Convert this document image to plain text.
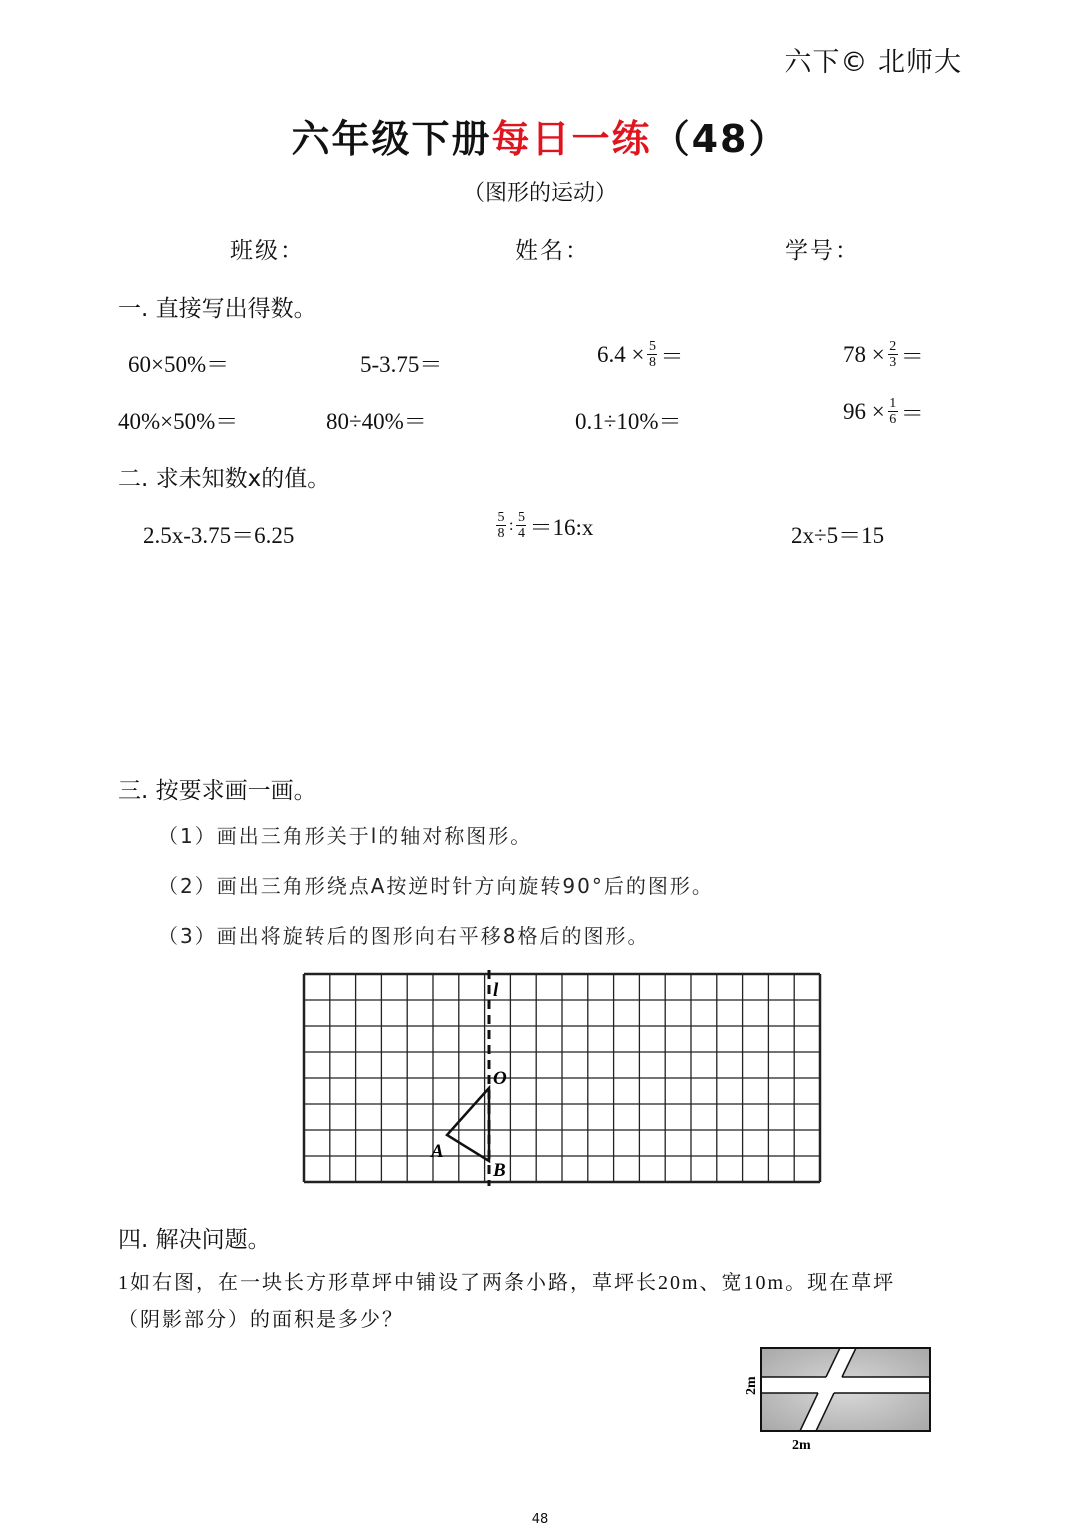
六下© 北师大
六年级下册每日一练（48）
（图形的运动）
班级：	姓名：	学号：
一. 直接写出得数。
60×50%＝	5-3.75＝	$6.4 \times \frac{5}{8}$ ＝	$78 \times \frac{2}{3}$ ＝
40%×50%＝	80÷40%＝	0.1÷10%＝	$96 \times \frac{1}{6}$ ＝
二. 求未知数x的值。
2.5x-3.75＝6.25	$\frac{5}{8}$ : $\frac{5}{4}$ ＝16:x	2x÷5＝15
三. 按要求画一画。
（1）画出三角形关于l的轴对称图形。
（2）画出三角形绕点A按逆时针方向旋转90°后的图形。
（3）画出将旋转后的图形向右平移8格后的图形。
l
O
A
B
四. 解决问题。
1如右图，在一块长方形草坪中铺设了两条小路，草坪长20m、宽10m。现在草坪
（阴影部分）的面积是多少？
2m
2m
48
